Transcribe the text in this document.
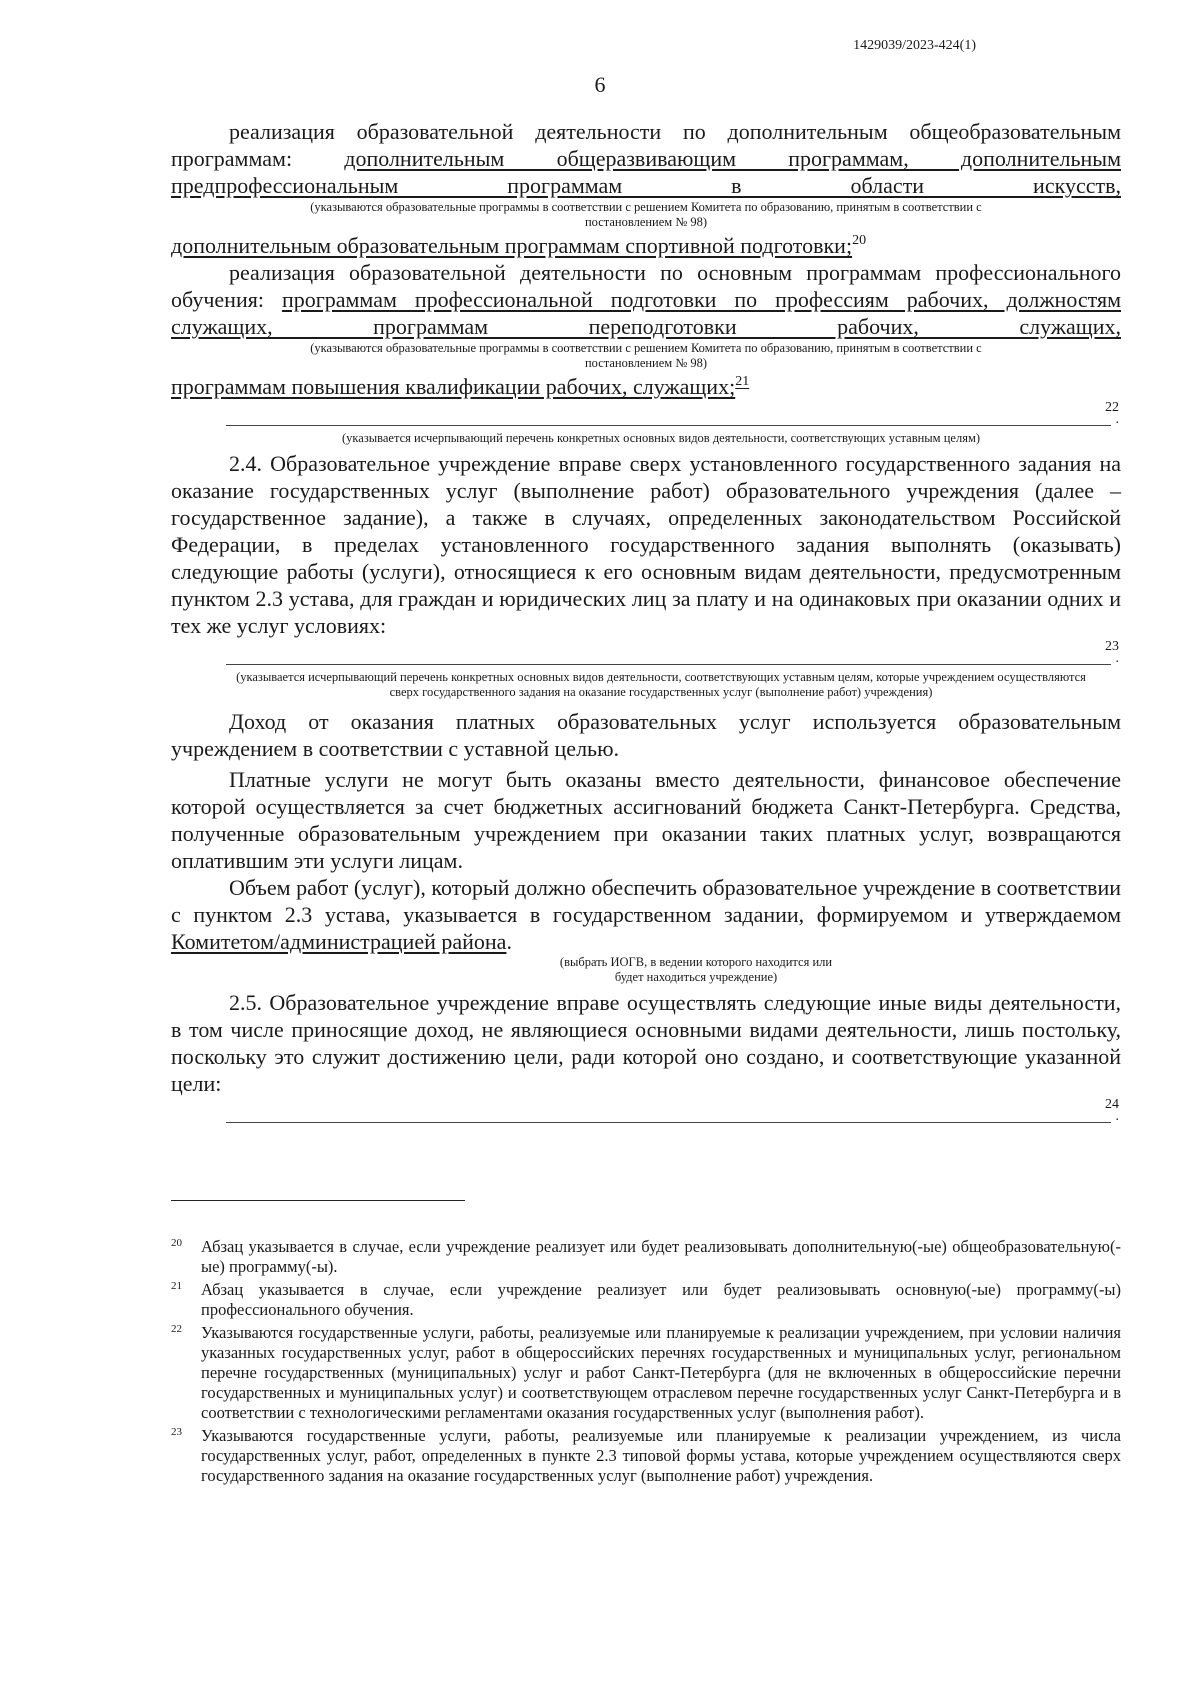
1429039/2023-424(1)
6

реализация образовательной деятельности по дополнительным общеобразовательным программам: дополнительным общеразвивающим программам, дополнительным предпрофессиональным программам в области искусств,

(указываются образовательные программы в соответствии с решением Комитета по образованию, принятым в соответствии с постановлением № 98)

дополнительным образовательным программам спортивной подготовки;$^{20}$

реализация образовательной деятельности по основным программам профессионального обучения: программам профессиональной подготовки по профессиям рабочих, должностям служащих, программам переподготовки рабочих, служащих,

(указываются образовательные программы в соответствии с решением Комитета по образованию, принятым в соответствии с постановлением № 98)

программам повышения квалификации рабочих, служащих;$^{21}$

22
.

(указывается исчерпывающий перечень конкретных основных видов деятельности, соответствующих уставным целям)

2.4. Образовательное учреждение вправе сверх установленного государственного задания на оказание государственных услуг (выполнение работ) образовательного учреждения (далее – государственное задание), а также в случаях, определенных законодательством Российской Федерации, в пределах установленного государственного задания выполнять (оказывать) следующие работы (услуги), относящиеся к его основным видам деятельности, предусмотренным пунктом 2.3 устава, для граждан и юридических лиц за плату и на одинаковых при оказании одних и тех же услуг условиях:

23
.

(указывается исчерпывающий перечень конкретных основных видов деятельности, соответствующих уставным целям, которые учреждением осуществляются сверх государственного задания на оказание государственных услуг (выполнение работ) учреждения)

Доход от оказания платных образовательных услуг используется образовательным учреждением в соответствии с уставной целью.

Платные услуги не могут быть оказаны вместо деятельности, финансовое обеспечение которой осуществляется за счет бюджетных ассигнований бюджета Санкт-Петербурга. Средства, полученные образовательным учреждением при оказании таких платных услуг, возвращаются оплатившим эти услуги лицам.

Объем работ (услуг), который должно обеспечить образовательное учреждение в соответствии с пунктом 2.3 устава, указывается в государственном задании, формируемом и утверждаемом Комитетом/администрацией района.

(выбрать ИОГВ, в ведении которого находится или будет находиться учреждение)

2.5. Образовательное учреждение вправе осуществлять следующие иные виды деятельности, в том числе приносящие доход, не являющиеся основными видами деятельности, лишь постольку, поскольку это служит достижению цели, ради которой оно создано, и соответствующие указанной цели:

24
.

20 Абзац указывается в случае, если учреждение реализует или будет реализовывать дополнительную(-ые) общеобразовательную(-ые) программу(-ы).

21 Абзац указывается в случае, если учреждение реализует или будет реализовывать основную(-ые) программу(-ы) профессионального обучения.

22 Указываются государственные услуги, работы, реализуемые или планируемые к реализации учреждением, при условии наличия указанных государственных услуг, работ в общероссийских перечнях государственных и муниципальных услуг, региональном перечне государственных (муниципальных) услуг и работ Санкт-Петербурга (для не включенных в общероссийские перечни государственных и муниципальных услуг) и соответствующем отраслевом перечне государственных услуг Санкт-Петербурга и в соответствии с технологическими регламентами оказания государственных услуг (выполнения работ).

23 Указываются государственные услуги, работы, реализуемые или планируемые к реализации учреждением, из числа государственных услуг, работ, определенных в пункте 2.3 типовой формы устава, которые учреждением осуществляются сверх государственного задания на оказание государственных услуг (выполнение работ) учреждения.
